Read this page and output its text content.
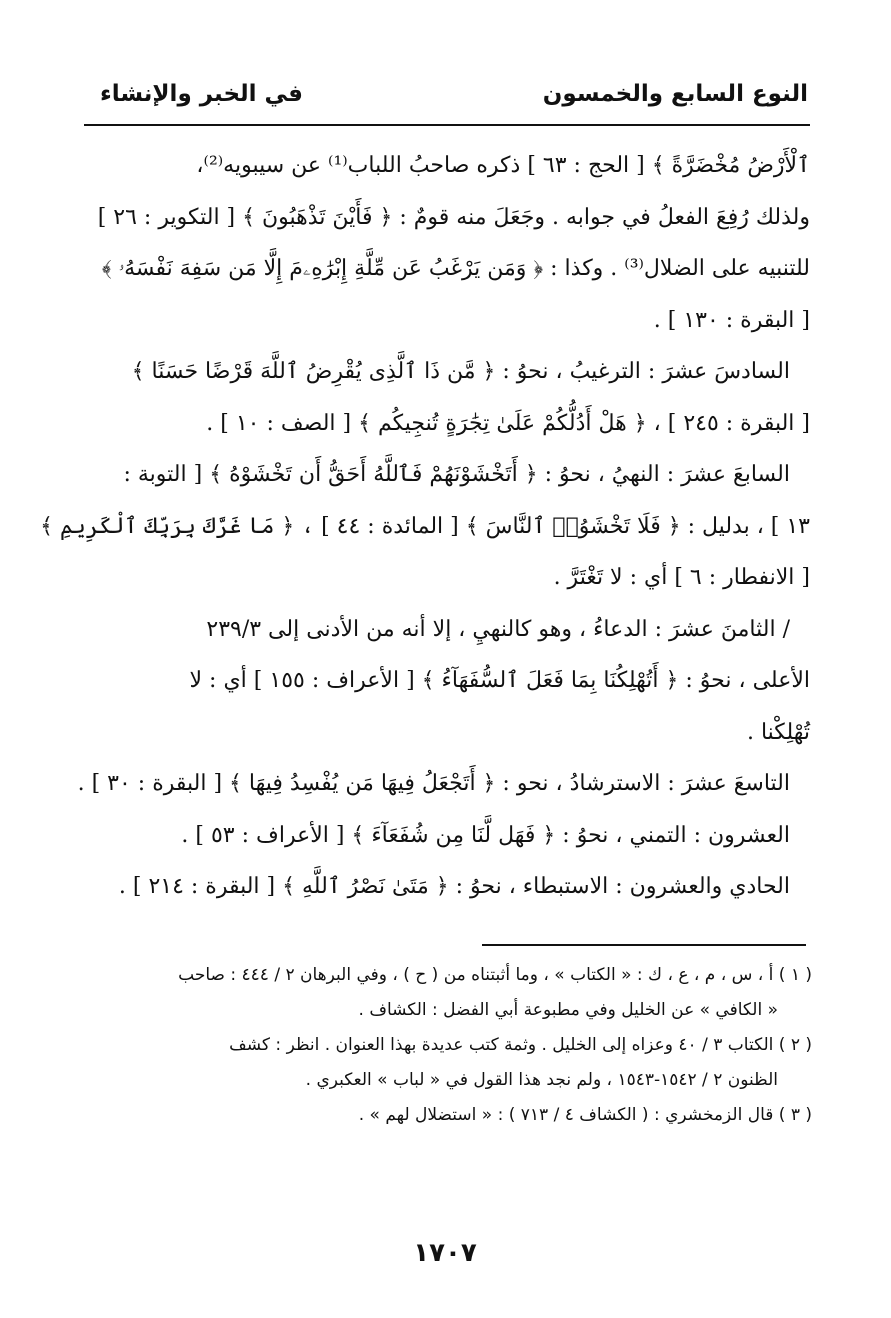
النوع السابع والخمسون
في الخبر والإنشاء
ٱلْأَرْضُ مُخْضَرَّةً ﴾ [ الحج : ٦٣ ] ذكره صاحبُ اللباب⁽¹⁾ عن سيبويه⁽²⁾،
ولذلك رُفِعَ الفعلُ في جوابه . وجَعَلَ منه قومٌ : ﴿ فَأَيْنَ تَذْهَبُونَ ﴾ [ التكوير : ٢٦ ]
للتنبيه على الضلال⁽³⁾ . وكذا : ﴿ وَمَن يَرْغَبُ عَن مِّلَّةِ إِبْرَٰهِۦمَ إِلَّا مَن سَفِهَ نَفْسَهُۥ ﴾
[ البقرة : ١٣٠ ] .
السادسَ عشرَ : الترغيبُ ، نحوُ : ﴿ مَّن ذَا ٱلَّذِى يُقْرِضُ ٱللَّهَ قَرْضًا حَسَنًا ﴾
[ البقرة : ٢٤٥ ] ، ﴿ هَلْ أَدُلُّكُمْ عَلَىٰ تِجَٰرَةٍ تُنجِيكُم ﴾ [ الصف : ١٠ ] .
السابعَ عشرَ : النهيُ ، نحوُ : ﴿ أَتَخْشَوْنَهُمْ فَٱللَّهُ أَحَقُّ أَن تَخْشَوْهُ ﴾ [ التوبة :
١٣ ] ، بدليل : ﴿ فَلَا تَخْشَوُا۟ ٱلنَّاسَ ﴾ [ المائدة : ٤٤ ] ، ﴿ مَا غَرَّكَ بِرَبِّكَ ٱلْكَرِيمِ ﴾
[ الانفطار : ٦ ] أي : لا تَغْتَرَّ .
/ الثامنَ عشرَ : الدعاءُ ، وهو كالنهيِ ، إلا أنه من الأدنى إلى ٢٣٩/٣
الأعلى ، نحوُ : ﴿ أَتُهْلِكُنَا بِمَا فَعَلَ ٱلسُّفَهَآءُ ﴾ [ الأعراف : ١٥٥ ] أي : لا
تُهْلِكْنا .
التاسعَ عشرَ : الاسترشادُ ، نحو : ﴿ أَتَجْعَلُ فِيهَا مَن يُفْسِدُ فِيهَا ﴾ [ البقرة : ٣٠ ] .
العشرون : التمني ، نحوُ : ﴿ فَهَل لَّنَا مِن شُفَعَآءَ ﴾ [ الأعراف : ٥٣ ] .
الحادي والعشرون : الاستبطاء ، نحوُ : ﴿ مَتَىٰ نَصْرُ ٱللَّهِ ﴾ [ البقرة : ٢١٤ ] .
( ١ ) أ ، س ، م ، ع ، ك : « الكتاب » ، وما أثبتناه من ( ح ) ، وفي البرهان ٢ / ٤٤٤ : صاحب
« الكافي » عن الخليل وفي مطبوعة أبي الفضل : الكشاف .
( ٢ ) الكتاب ٣ / ٤٠ وعزاه إلى الخليل . وثمة كتب عديدة بهذا العنوان . انظر : كشف
الظنون ٢ / ١٥٤٢-١٥٤٣ ، ولم نجد هذا القول في « لباب » العكبري .
( ٣ ) قال الزمخشري : ( الكشاف ٤ / ٧١٣ ) : « استضلال لهم » .
١٧٠٧
